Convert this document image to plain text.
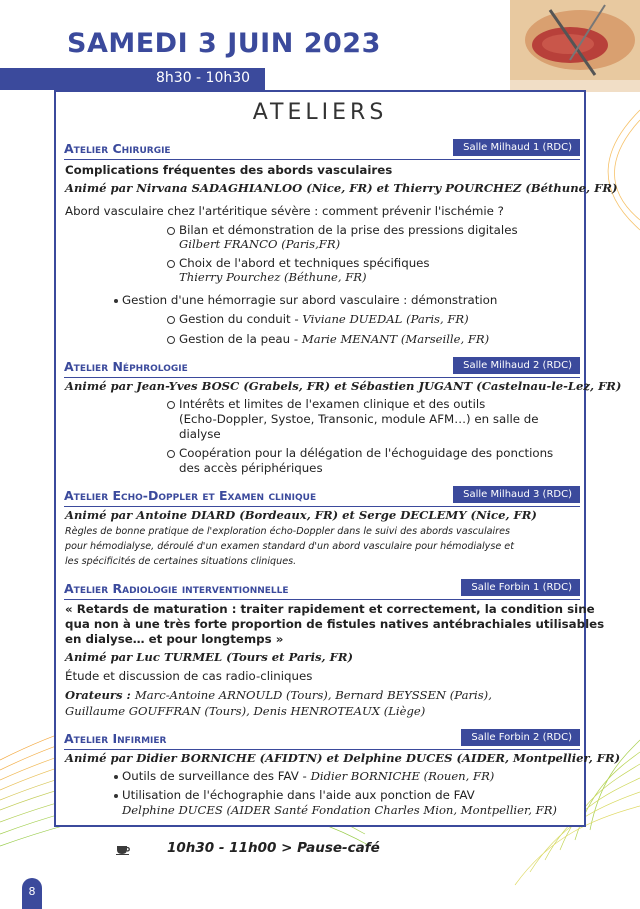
SAMEDI 3 JUIN 2023
8h30 - 10h30
ATELIERS
Atelier Chirurgie	Salle Milhaud 1 (RDC)
Complications fréquentes des abords vasculaires
Animé par Nirvana SADAGHIANLOO (Nice, FR) et Thierry POURCHEZ (Béthune, FR)
Abord vasculaire chez l'artéritique sévère : comment prévenir l'ischémie ?
Bilan et démonstration de la prise des pressions digitales
Gilbert FRANCO (Paris,FR)
Choix de l'abord et techniques spécifiques
Thierry Pourchez (Béthune, FR)
Gestion d'une hémorragie sur abord vasculaire : démonstration
Gestion du conduit - Viviane DUEDAL (Paris, FR)
Gestion de la peau - Marie MENANT (Marseille, FR)
Atelier Néphrologie	Salle Milhaud 2 (RDC)
Animé par Jean-Yves BOSC (Grabels, FR) et Sébastien JUGANT (Castelnau-le-Lez, FR)
Intérêts et limites de l'examen clinique et des outils
(Echo-Doppler, Systoe, Transonic, module AFM…) en salle de
dialyse
Coopération pour la délégation de l'échoguidage des ponctions
des accès périphériques
Atelier Echo-Doppler et Examen clinique	Salle Milhaud 3 (RDC)
Animé par Antoine DIARD (Bordeaux, FR) et Serge DECLEMY (Nice, FR)
Règles de bonne pratique de l'exploration écho-Doppler dans le suivi des abords vasculaires
pour hémodialyse, déroulé d'un examen standard d'un abord vasculaire pour hémodialyse et
les spécificités de certaines situations cliniques.
Atelier Radiologie interventionnelle	Salle Forbin 1 (RDC)
« Retards de maturation : traiter rapidement et correctement, la condition sine
qua non à une très forte proportion de fistules natives antébrachiales utilisables
en dialyse… et pour longtemps »
Animé par Luc TURMEL (Tours et Paris, FR)
Étude et discussion de cas radio-cliniques
Orateurs : Marc-Antoine ARNOULD (Tours), Bernard BEYSSEN (Paris),
Guillaume GOUFFRAN (Tours), Denis HENROTEAUX (Liège)
Atelier Infirmier	Salle Forbin 2 (RDC)
Animé par Didier BORNICHE (AFIDTN) et Delphine DUCES (AIDER, Montpellier, FR)
Outils de surveillance des FAV - Didier BORNICHE (Rouen, FR)
Utilisation de l'échographie dans l'aide aux ponction de FAV
Delphine DUCES (AIDER Santé Fondation Charles Mion, Montpellier, FR)
10h30 - 11h00 > Pause-café
8
